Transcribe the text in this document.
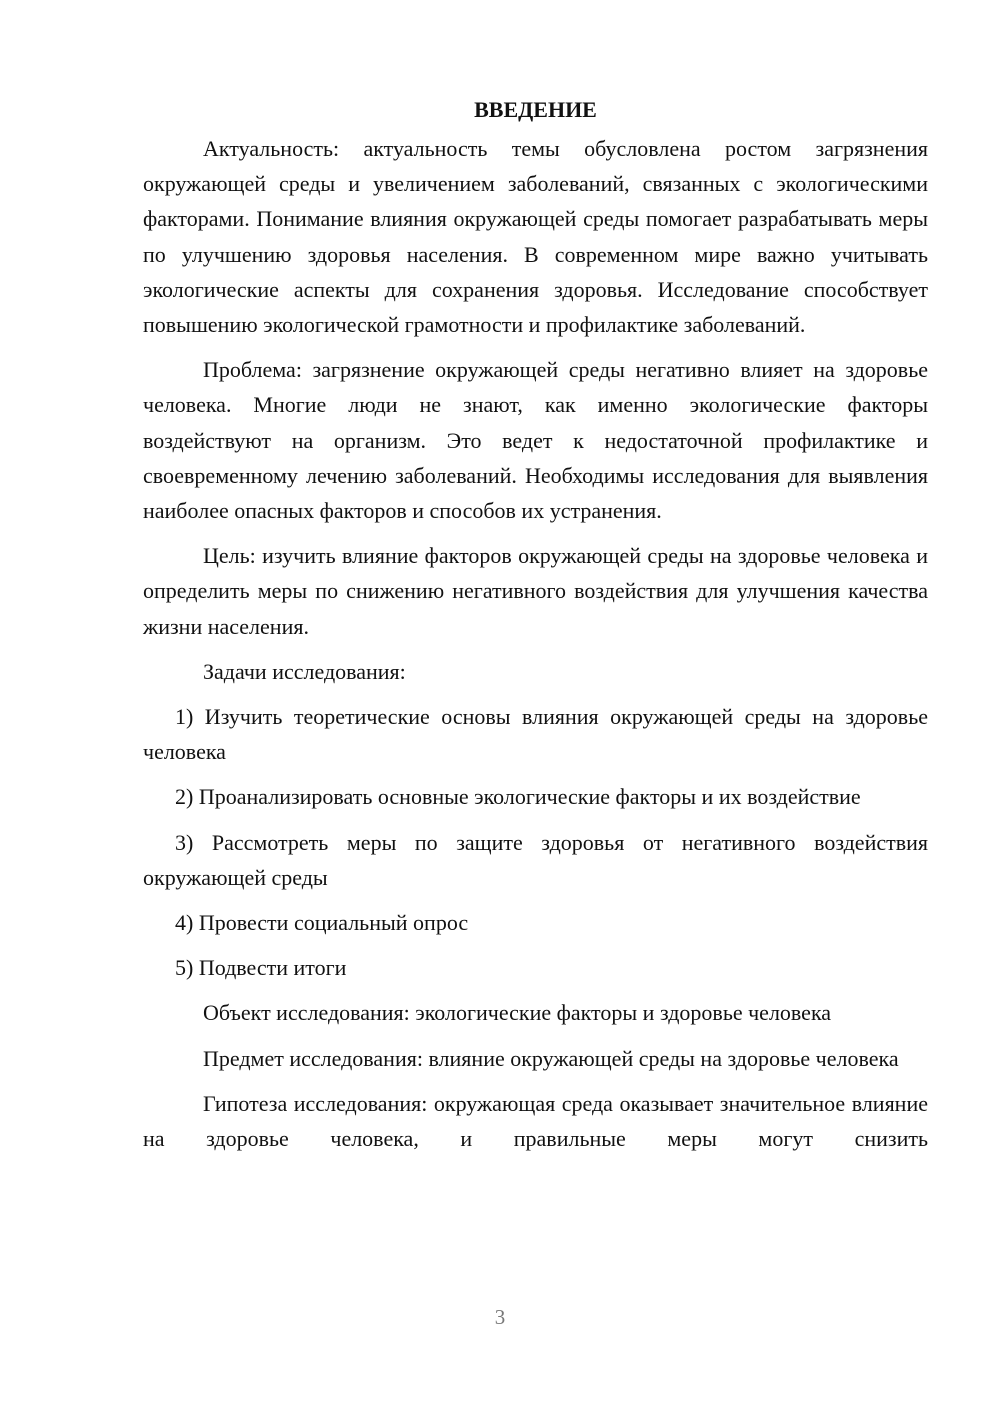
ВВЕДЕНИЕ

Актуальность: актуальность темы обусловлена ростом загрязнения окружающей среды и увеличением заболеваний, связанных с экологическими факторами. Понимание влияния окружающей среды помогает разрабатывать меры по улучшению здоровья населения. В современном мире важно учитывать экологические аспекты для сохранения здоровья. Исследование способствует повышению экологической грамотности и профилактике заболеваний.

Проблема: загрязнение окружающей среды негативно влияет на здоровье человека. Многие люди не знают, как именно экологические факторы воздействуют на организм. Это ведет к недостаточной профилактике и своевременному лечению заболеваний. Необходимы исследования для выявления наиболее опасных факторов и способов их устранения.

Цель: изучить влияние факторов окружающей среды на здоровье человека и определить меры по снижению негативного воздействия для улучшения качества жизни населения.

Задачи исследования:

1) Изучить теоретические основы влияния окружающей среды на здоровье человека

2) Проанализировать основные экологические факторы и их воздействие

3) Рассмотреть меры по защите здоровья от негативного воздействия окружающей среды

4) Провести социальный опрос

5) Подвести итоги

Объект исследования: экологические факторы и здоровье человека

Предмет исследования: влияние окружающей среды на здоровье человека

Гипотеза исследования: окружающая среда оказывает значительное влияние на здоровье человека, и правильные меры могут снизить

3
